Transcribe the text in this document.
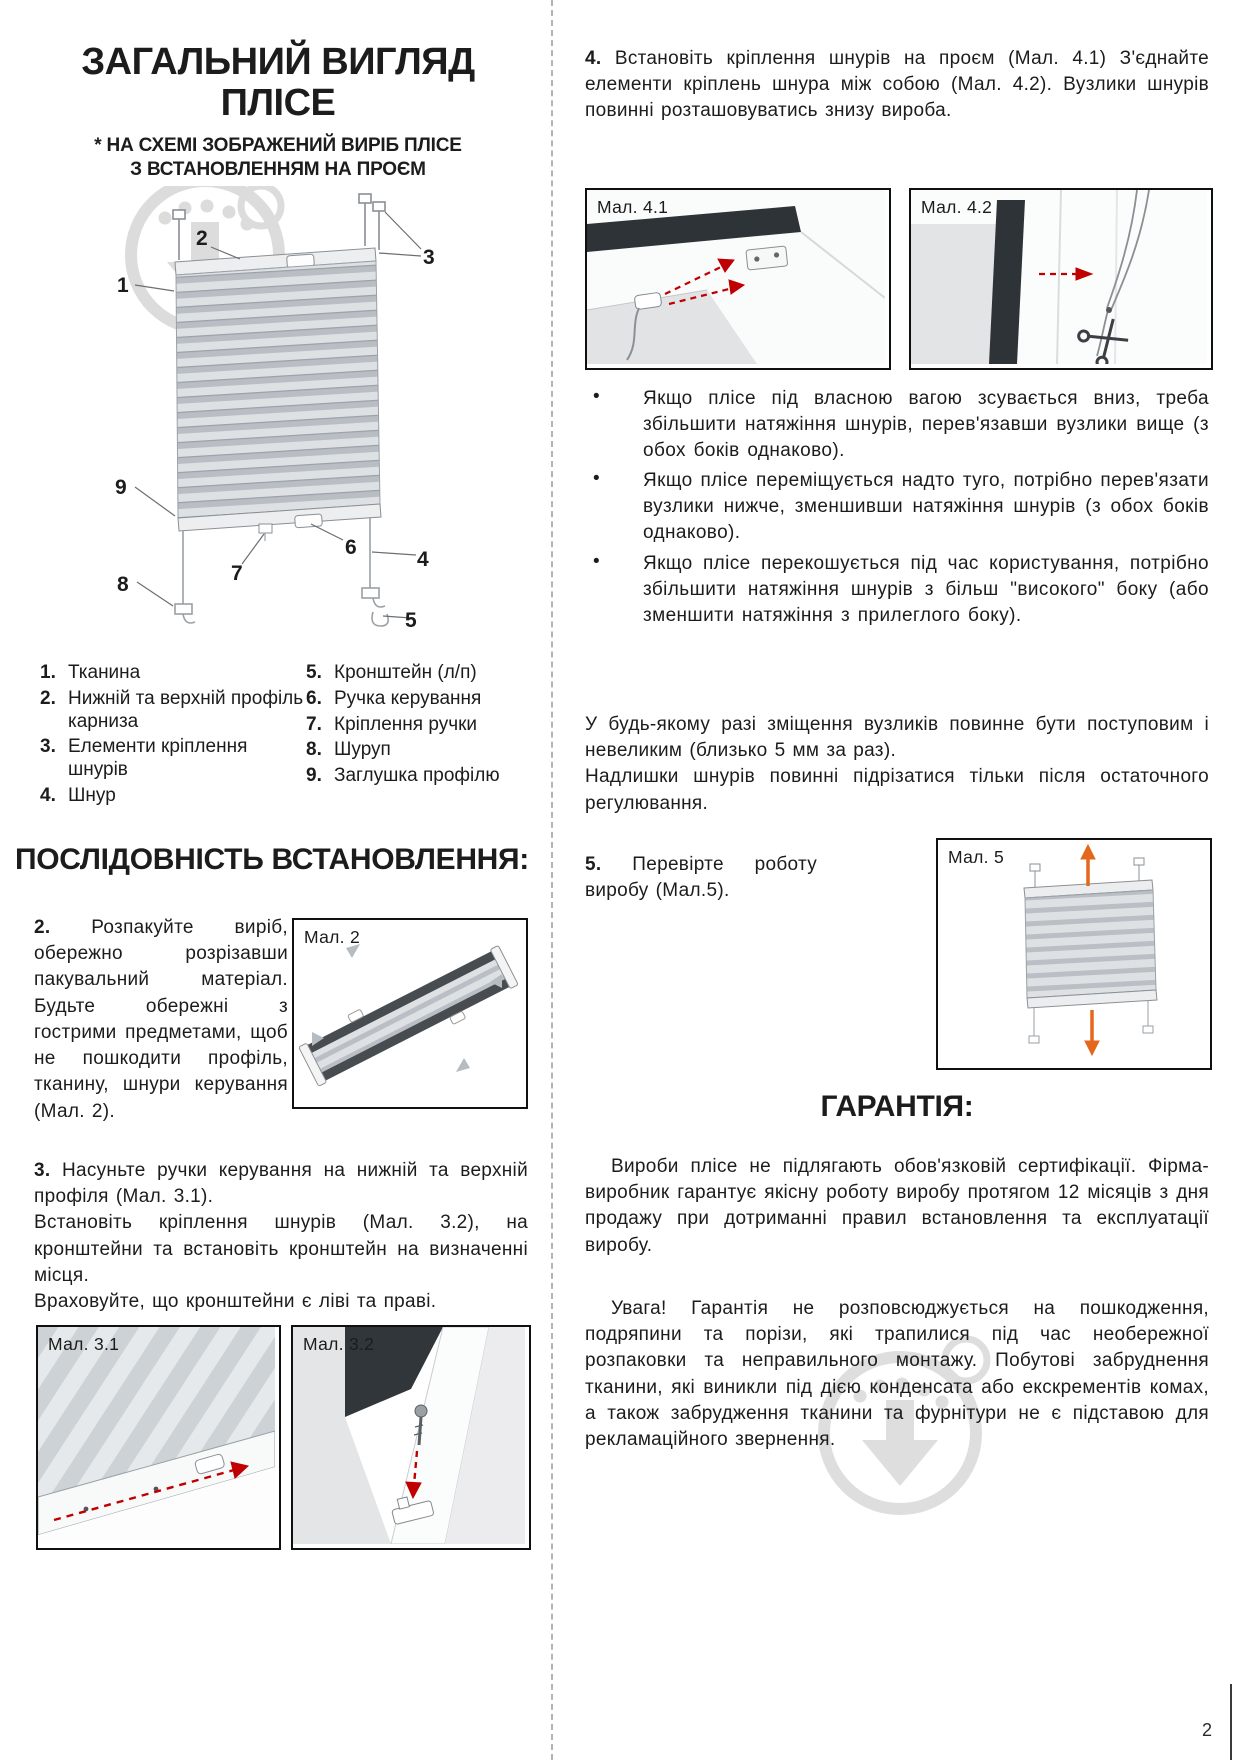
ЗАГАЛЬНИЙ ВИГЛЯД
ПЛІСЕ
* НА СХЕМІ ЗОБРАЖЕНИЙ ВИРІБ ПЛІСЕ
З ВСТАНОВЛЕННЯМ НА ПРОЄМ
1
2
3
4
5
6
7
8
9
1. Тканина
2. Нижній та верхній профіль карниза
3. Елементи кріплення шнурів
4. Шнур
5. Кронштейн (л/п)
6. Ручка керування
7. Кріплення ручки
8. Шуруп
9. Заглушка профілю
ПОСЛІДОВНІСТЬ ВСТАНОВЛЕННЯ:

2. Розпакуйте виріб, обережно розрізавши пакувальний матеріал. Будьте обережні з гострими предметами, щоб не пошкодити профіль, тканину, шнури керування (Мал. 2).

Мал. 2

3. Насуньте ручки керування на нижній та верхній профіля (Мал. 3.1).

Встановіть кріплення шнурів (Мал. 3.2), на кронштейни та встановіть кронштейн на визначенні місця.

Враховуйте, що кронштейни є ліві та праві.

Мал. 3.1	Мал. 3.2

4. Встановіть кріплення шнурів на проєм (Мал. 4.1) З'єднайте елементи кріплень шнура між собою (Мал. 4.2). Вузлики шнурів повинні розташовуватись знизу вироба.

Мал. 4.1	Мал. 4.2
•	Якщо плісе під власною вагою зсувається вниз, треба збільшити натяжіння шнурів, перев'язавши вузлики вище (з обох боків однаково).

•	Якщо плісе переміщується надто туго, потрібно перев'язати вузлики нижче, зменшивши натяжіння шнурів (з обох боків однаково).

•	Якщо плісе перекошується під час користування, потрібно збільшити натяжіння шнурів з більш "високого" боку (або зменшити натяжіння з прилеглого боку).

У будь-якому разі зміщення вузликів повинне бути поступовим і невеликим (близько 5 мм за раз).

Надлишки шнурів повинні підрізатися тільки після остаточного регулювання.

5. Перевірте роботу виробу (Мал.5).

Мал. 5
ГАРАНТІЯ:
Вироби плісе не підлягають обов'язковій сертифікації. Фірма-виробник гарантує якісну роботу виробу протягом 12 місяців з дня продажу при дотриманні правил встановлення та експлуатації виробу.
Увага! Гарантія не розповсюджується на пошкодження, подряпини та порізи, які трапилися під час необережної розпаковки та неправильного монтажу. Побутові забруднення тканини, які виникли під дією конденсата або екскрементів комах, а також забрудження тканини та фурнітури не є підставою для рекламаційного звернення.
2
